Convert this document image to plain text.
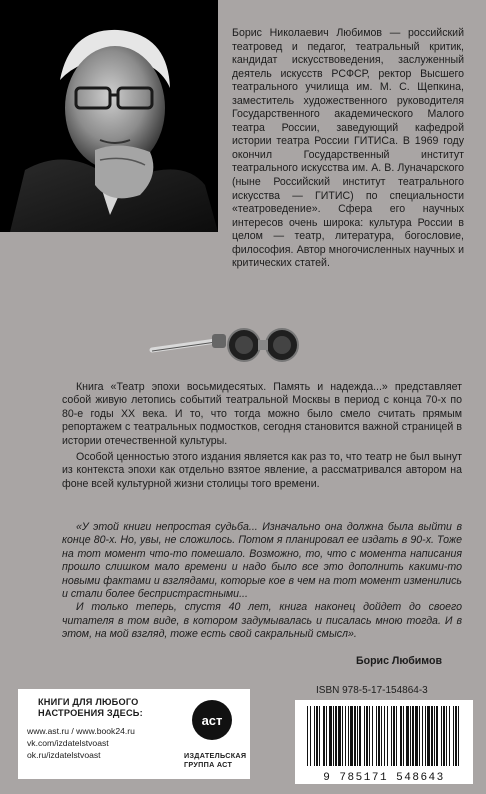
Борис Николаевич Любимов — российский театровед и педагог, театральный критик, кандидат искусствоведения, заслуженный деятель искусств РСФСР, ректор Высшего театрального училища им. М. С. Щепкина, заместитель художественного руководителя Государственного академического Малого театра России, заведующий кафедрой истории театра России ГИТИСа. В 1969 году окончил Государственный институт театрального искусства им. А. В. Луначарского (ныне Российский институт театрального искусства — ГИТИС) по специальности «театроведение». Сфера его научных интересов очень широка: культура России в целом — театр, литература, богословие, философия. Автор многочисленных научных и критических статей.

Книга «Театр эпохи восьмидесятых. Память и надежда...» представляет собой живую летопись событий театральной Москвы в период с конца 70-х по 80-е годы XX века. И то, что тогда можно было смело считать прямым репортажем с театральных подмостков, сегодня становится важной страницей в истории отечественной культуры.

Особой ценностью этого издания является как раз то, что театр не был вынут из контекста эпохи как отдельно взятое явление, а рассматривался автором на фоне всей культурной жизни столицы того времени.

«У этой книги непростая судьба... Изначально она должна была выйти в конце 80-х. Но, увы, не сложилось. Потом я планировал ее издать в 90-х. Тоже на тот момент что-то помешало. Возможно, то, что с момента написания прошло слишком мало времени и надо было все это дополнить какими-то новыми фактами и взглядами, которые кое в чем на тот момент изменились и стали более беспристрастными...

И только теперь, спустя 40 лет, книга наконец дойдет до своего читателя в том виде, в котором задумывалась и писалась мною тогда. И в этом, на мой взгляд, тоже есть свой сакральный смысл».

Борис Любимов
КНИГИ ДЛЯ ЛЮБОГО
НАСТРОЕНИЯ ЗДЕСЬ:
www.ast.ru / www.book24.ru
vk.com/izdatelstvoast
ok.ru/izdatelstvoast
аст
ИЗДАТЕЛЬСКАЯ
ГРУППА АСТ
ISBN 978-5-17-154864-3
9 785171 548643
